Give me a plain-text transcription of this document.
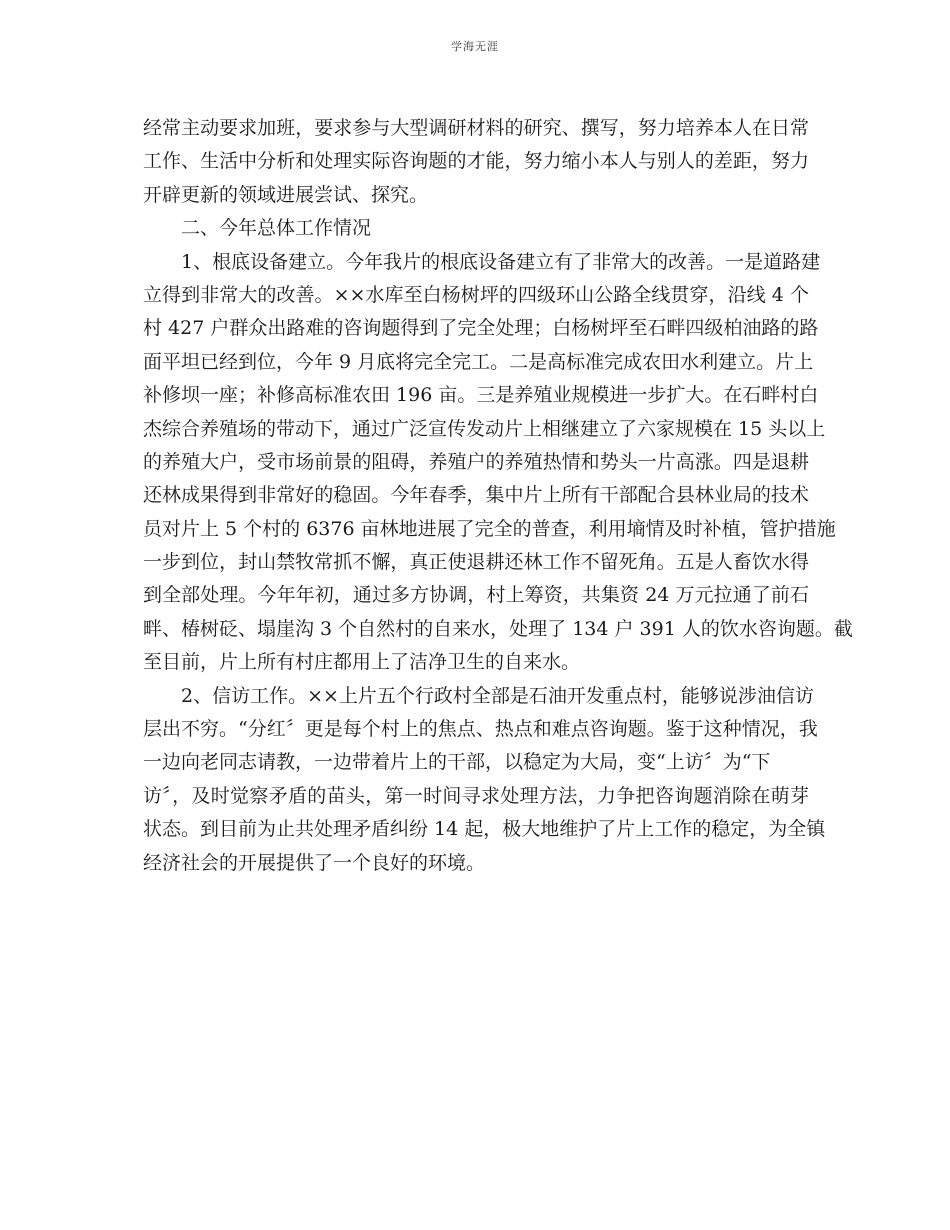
学海无涯
经常主动要求加班，要求参与大型调研材料的研究、撰写，努力培养本人在日常
工作、生活中分析和处理实际咨询题的才能，努力缩小本人与别人的差距，努力
开辟更新的领域进展尝试、探究。
二、今年总体工作情况
1、根底设备建立。今年我片的根底设备建立有了非常大的改善。一是道路建
立得到非常大的改善。××水库至白杨树坪的四级环山公路全线贯穿，沿线 4 个
村 427 户群众出路难的咨询题得到了完全处理；白杨树坪至石畔四级柏油路的路
面平坦已经到位，今年 9 月底将完全完工。二是高标准完成农田水利建立。片上
补修坝一座；补修高标准农田 196 亩。三是养殖业规模进一步扩大。在石畔村白
杰综合养殖场的带动下，通过广泛宣传发动片上相继建立了六家规模在 15 头以上
的养殖大户，受市场前景的阻碍，养殖户的养殖热情和势头一片高涨。四是退耕
还林成果得到非常好的稳固。今年春季，集中片上所有干部配合县林业局的技术
员对片上 5 个村的 6376 亩林地进展了完全的普查，利用墒情及时补植，管护措施
一步到位，封山禁牧常抓不懈，真正使退耕还林工作不留死角。五是人畜饮水得
到全部处理。今年年初，通过多方协调，村上筹资，共集资 24 万元拉通了前石
畔、椿树砭、塌崖沟 3 个自然村的自来水，处理了 134 户 391 人的饮水咨询题。截
至目前，片上所有村庄都用上了洁净卫生的自来水。
2、信访工作。××上片五个行政村全部是石油开发重点村，能够说涉油信访
层出不穷。“分红〞更是每个村上的焦点、热点和难点咨询题。鉴于这种情况，我
一边向老同志请教，一边带着片上的干部，以稳定为大局，变“上访〞为“下
访〞，及时觉察矛盾的苗头，第一时间寻求处理方法，力争把咨询题消除在萌芽
状态。到目前为止共处理矛盾纠纷 14 起，极大地维护了片上工作的稳定，为全镇
经济社会的开展提供了一个良好的环境。
